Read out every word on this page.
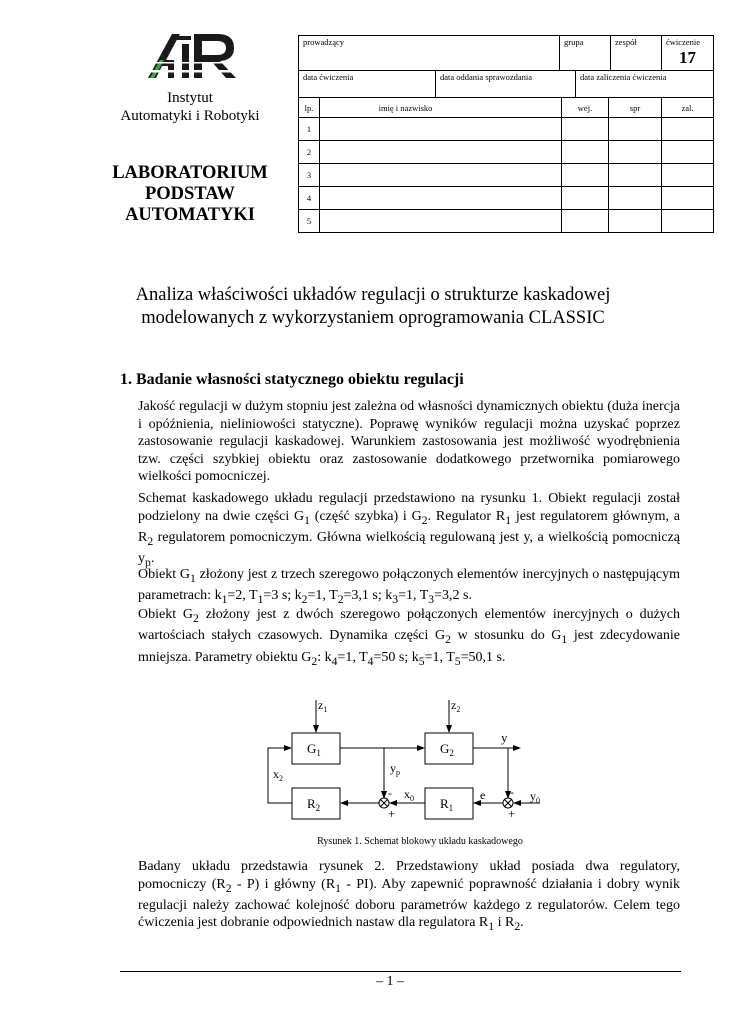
Instytut
Automatyki i Robotyki
LABORATORIUM
PODSTAW
AUTOMATYKI
prowadzący	grupa	zespół	ćwiczenie
17
data ćwiczenia	data oddania sprawozdania	data zaliczenia ćwiczenia
lp.	imię i nazwisko	wej.	spr	zal.
1
2
3
4
5
Analiza właściwości układów regulacji o strukturze kaskadowej
modelowanych z wykorzystaniem oprogramowania CLASSIC
1. Badanie własności statycznego obiektu regulacji
Jakość regulacji w dużym stopniu jest zależna od własności dynamicznych obiektu (duża inercja i opóźnienia, nieliniowości statyczne). Poprawę wyników regulacji można uzyskać poprzez zastosowanie regulacji kaskadowej. Warunkiem zastosowania jest możliwość wyodrębnienia tzw. części szybkiej obiektu oraz zastosowanie dodatkowego przetwornika pomiarowego wielkości pomocniczej.
Schemat kaskadowego układu regulacji przedstawiono na rysunku 1. Obiekt regulacji został podzielony na dwie części $G_1$ (część szybka) i $G_2$. Regulator $R_1$ jest regulatorem głównym, a $R_2$ regulatorem pomocniczym. Główna wielkością regulowaną jest y, a wielkością pomocniczą $y_p$.
Obiekt $G_1$ złożony jest z trzech szeregowo połączonych elementów inercyjnych o następującym parametrach: $k_1=2$, $T_1=3$ s; $k_2=1$, $T_2=3,1$ s; $k_3=1$, $T_3=3,2$ s.
Obiekt $G_2$ złożony jest z dwóch szeregowo połączonych elementów inercyjnych o dużych wartościach stałych czasowych. Dynamika części $G_2$ w stosunku do $G_1$ jest zdecydowanie mniejsza. Parametry obiektu $G_2$: $k_4=1$, $T_4=50$ s; $k_5=1$, $T_5=50,1$ s.
$G_1$	$G_2$
$R_2$	$R_1$
$z_1$	$z_2$
y
$y_p$
$x_2$
$x_0$	e	$y_0$
-
+
-
+
Rysunek 1. Schemat blokowy układu kaskadowego
Badany układu przedstawia rysunek 2. Przedstawiony układ posiada dwa regulatory, pomocniczy $(R_2 - P)$ i główny $(R_1 - PI)$. Aby zapewnić poprawność działania i dobry wynik regulacji należy zachować kolejność doboru parametrów każdego z regulatorów. Celem tego ćwiczenia jest dobranie odpowiednich nastaw dla regulatora $R_1$ i $R_2$.
– 1 –
